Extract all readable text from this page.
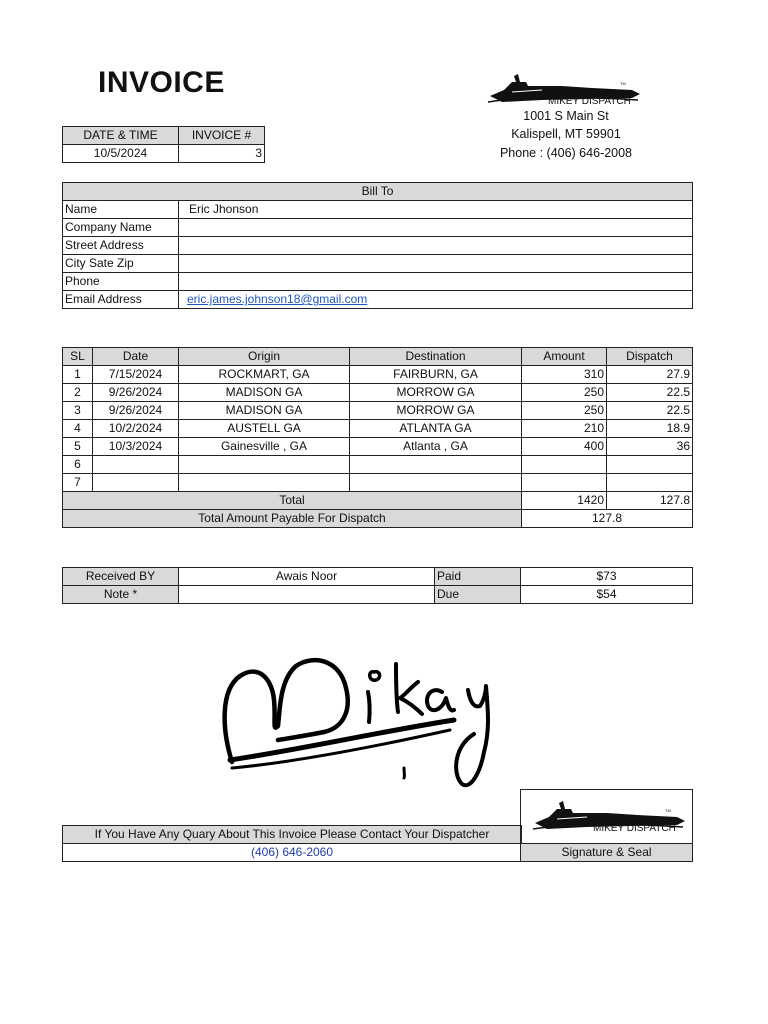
INVOICE
MIKEY DISPATCH
TM
1001 S Main St
Kalispell, MT 59901
Phone : (406) 646-2008
DATE & TIME	INVOICE #
10/5/2024	3
Bill To	
Name	Eric Jhonson
Company Name	
Street Address	
City Sate Zip	
Phone	
Email Address	eric.james.johnson18@gmail.com
SL	Date	Origin	Destination	Amount	Dispatch
1	7/15/2024	ROCKMART, GA	FAIRBURN, GA	310	27.9
2	9/26/2024	MADISON GA	MORROW GA	250	22.5
3	9/26/2024	MADISON GA	MORROW GA	250	22.5
4	10/2/2024	AUSTELL GA	ATLANTA GA	210	18.9
5	10/3/2024	Gainesville , GA	Atlanta , GA	400	36
6					
7					
Total				1420	127.8
Total Amount Payable For Dispatch				127.8	
Received BY	Awais Noor	Paid	$73
Note *		Due	$54
Mikey
If You Have Any Quary About This Invoice Please Contact Your Dispatcher
(406) 646-2060
MIKEY DISPATCH
TM
Signature & Seal
